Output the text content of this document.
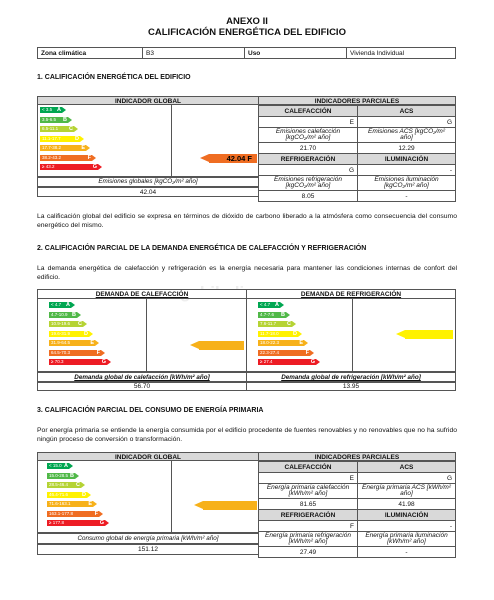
ANEXO II
CALIFICACIÓN ENERGÉTICA DEL EDIFICIO
Zona climática	B3	Uso	Vivienda Individual
1. CALIFICACIÓN ENERGÉTICA DEL EDIFICIO
INDICADOR GLOBAL	INDICADORES PARCIALES
< 3.5 A
3.5-6.5 B
6.5-11.1 C
11.1-17.7	D
17.7-38.2	E
38.2-43.2	F
≥ 43.2	G
42.04 F
Emisiones globales [kgCO₂/m² año]
42.04
CALEFACCIÓN	ACS
E	G
Emisiones calefacción [kgCO₂/m² año]	Emisiones ACS [kgCO₂/m² año]
21.70	12.29
REFRIGERACIÓN	ILUMINACIÓN
G	-
Emisiones refrigeración [kgCO₂/m² año]	Emisiones iluminación [kgCO₂/m² año]
8.05	-
La calificación global del edificio se expresa en términos de dióxido de carbono liberado a la atmósfera como consecuencia del consumo energético del mismo.
2. CALIFICACIÓN PARCIAL DE LA DEMANDA ENERGÉTICA DE CALEFACCIÓN Y REFRIGERACIÓN
La demanda energética de calefacción y refrigeración es la energía necesaria para mantener las condiciones internas de confort del edificio.
DEMANDA DE CALEFACCIÓN	DEMANDA DE REFRIGERACIÓN
< 4.7 A
4.7-10.9 B
10.9-19.6 C
19.6-31.9	D
31.9-64.5	E
64.5-70.3	F
≥ 70.3	G
< 4.7 A
4.7-7.6 B
7.6-11.7 C
11.7-18.0	D
18.0-22.3	E
22.3-27.4	F
≥ 27.4	G
56.7 E
13.95 D
Demanda global de calefacción [kWh/m² año]	Demanda global de refrigeración [kWh/m² año]
56.70	13.95
3. CALIFICACIÓN PARCIAL DEL CONSUMO DE ENERGÍA PRIMARIA
Por energía primaria se entiende la energía consumida por el edificio procedente de fuentes renovables y no renovables que no ha sufrido ningún proceso de conversión o transformación.
INDICADOR GLOBAL	INDICADORES PARCIALES
< 15.0 A
15.0-28.5 B
28.5-46.4 C
46.4-71.6	D
71.6-163.1	E
163.1-177.8	F
≥ 177.8	G
151.12 E
Consumo global de energía primaria [kWh/m² año]
151.12
CALEFACCIÓN	ACS
E	G
Energía primaria calefacción [kWh/m² año]	Energía primaria ACS [kWh/m² año]
81.65	41.98
REFRIGERACIÓN	ILUMINACIÓN
F	-
Energía primaria refrigeración [kWh/m² año]	Energía primaria iluminación [kWh/m² año]
27.49	-
